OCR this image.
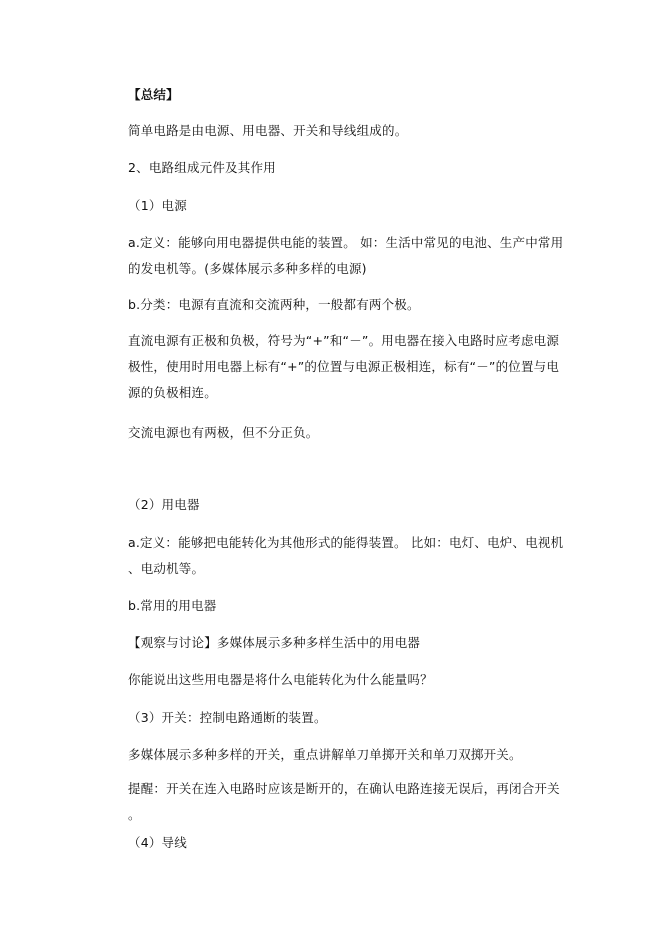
【总结】
简单电路是由电源、用电器、开关和导线组成的。
2、电路组成元件及其作用
（1）电源
a.定义：能够向用电器提供电能的装置。 如：生活中常见的电池、生产中常用的发电机等。(多媒体展示多种多样的电源)
b.分类：电源有直流和交流两种，一般都有两个极。
直流电源有正极和负极，符号为“+”和“－”。用电器在接入电路时应考虑电源极性，使用时用电器上标有“+”的位置与电源正极相连，标有“－”的位置与电源的负极相连。
交流电源也有两极，但不分正负。
（2）用电器
a.定义：能够把电能转化为其他形式的能得装置。 比如：电灯、电炉、电视机、电动机等。
b.常用的用电器
【观察与讨论】多媒体展示多种多样生活中的用电器
你能说出这些用电器是将什么电能转化为什么能量吗？
（3）开关：控制电路通断的装置。
多媒体展示多种多样的开关，重点讲解单刀单掷开关和单刀双掷开关。
提醒：开关在连入电路时应该是断开的，在确认电路连接无误后，再闭合开关。
（4）导线
